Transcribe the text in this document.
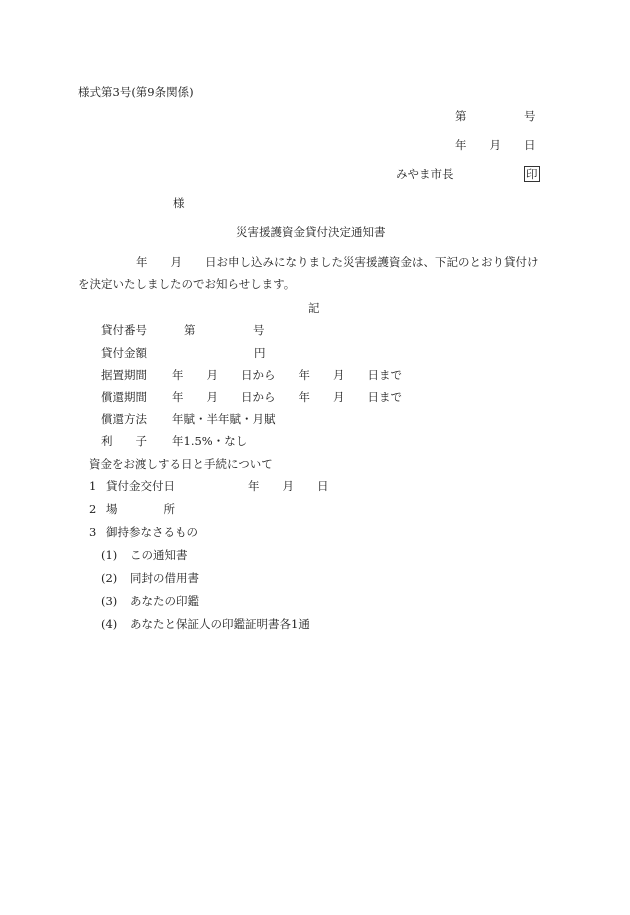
様式第3号(第9条関係)
第　　　　　号
年　　月　　日
みやま市長	印
様
災害援護資金貸付決定通知書
年　　月　　日お申し込みになりました災害援護資金は、下記のとおり貸付け
を決定いたしましたのでお知らせします。
記
貸付番号	第　　　　　号
貸付金額	円
据置期間 年　　月　　日から　　年　　月　　日まで
償還期間 年　　月　　日から　　年　　月　　日まで
償還方法 年賦・半年賦・月賦
利　　子 年1.5%・なし
資金をお渡しする日と手続について
1 貸付金交付日	年　　月　　日
2 場　　　　所
3 御持参なさるもの
(1) この通知書
(2) 同封の借用書
(3) あなたの印鑑
(4) あなたと保証人の印鑑証明書各1通
